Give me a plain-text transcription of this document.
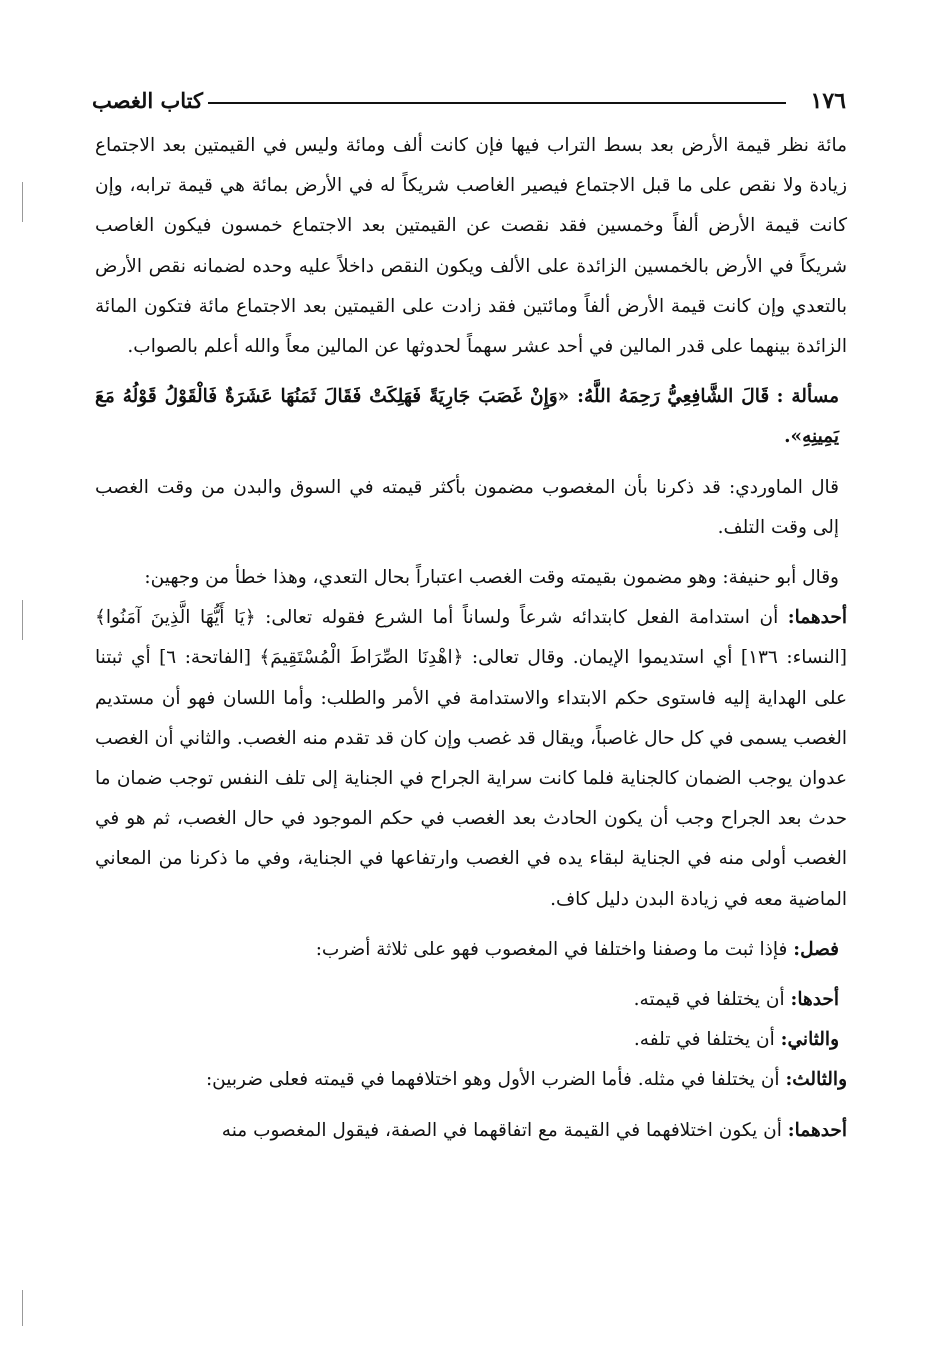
١٧٦
كتاب الغصب

مائة نظر قيمة الأرض بعد بسط التراب فيها فإن كانت ألف ومائة وليس في القيمتين بعد الاجتماع زيادة ولا نقص على ما قبل الاجتماع فيصير الغاصب شريكاً له في الأرض بمائة هي قيمة ترابه، وإن كانت قيمة الأرض ألفاً وخمسين فقد نقصت عن القيمتين بعد الاجتماع خمسون فيكون الغاصب شريكاً في الأرض بالخمسين الزائدة على الألف ويكون النقص داخلاً عليه وحده لضمانه نقص الأرض بالتعدي وإن كانت قيمة الأرض ألفاً ومائتين فقد زادت على القيمتين بعد الاجتماع مائة فتكون المائة الزائدة بينهما على قدر المالين في أحد عشر سهماً لحدوثها عن المالين معاً والله أعلم بالصواب.

مسألة : قَالَ الشَّافِعِيُّ رَحِمَهُ اللَّهُ: «وَإِنْ غَصَبَ جَارِيَةً فَهَلِكَتْ فَقَالَ ثَمَنُهَا عَشَرَةٌ فَالْقَوْلُ قَوْلُهُ مَعَ يَمِينِهِ».

قال الماوردي: قد ذكرنا بأن المغصوب مضمون بأكثر قيمته في السوق والبدن من وقت الغصب إلى وقت التلف.

وقال أبو حنيفة: وهو مضمون بقيمته وقت الغصب اعتباراً بحال التعدي، وهذا خطأ من وجهين:

أحدهما: أن استدامة الفعل كابتدائه شرعاً ولساناً أما الشرع فقوله تعالى: ﴿يَا أَيُّهَا الَّذِينَ آمَنُوا﴾ [النساء: ١٣٦] أي استديموا الإيمان. وقال تعالى: ﴿اهْدِنَا الصِّرَاطَ الْمُسْتَقِيمَ﴾ [الفاتحة: ٦] أي ثبتنا على الهداية إليه فاستوى حكم الابتداء والاستدامة في الأمر والطلب: وأما اللسان فهو أن مستديم الغصب يسمى في كل حال غاصباً، ويقال قد غصب وإن كان قد تقدم منه الغصب. والثاني أن الغصب عدوان يوجب الضمان كالجناية فلما كانت سراية الجراح في الجناية إلى تلف النفس توجب ضمان ما حدث بعد الجراح وجب أن يكون الحادث بعد الغصب في حكم الموجود في حال الغصب، ثم هو في الغصب أولى منه في الجناية لبقاء يده في الغصب وارتفاعها في الجناية، وفي ما ذكرنا من المعاني الماضية معه في زيادة البدن دليل كاف.

فصل: فإذا ثبت ما وصفنا واختلفا في المغصوب فهو على ثلاثة أضرب:

أحدها: أن يختلفا في قيمته.

والثاني: أن يختلفا في تلفه.

والثالث: أن يختلفا في مثله. فأما الضرب الأول وهو اختلافهما في قيمته فعلى ضربين:

أحدهما: أن يكون اختلافهما في القيمة مع اتفاقهما في الصفة، فيقول المغصوب منه
